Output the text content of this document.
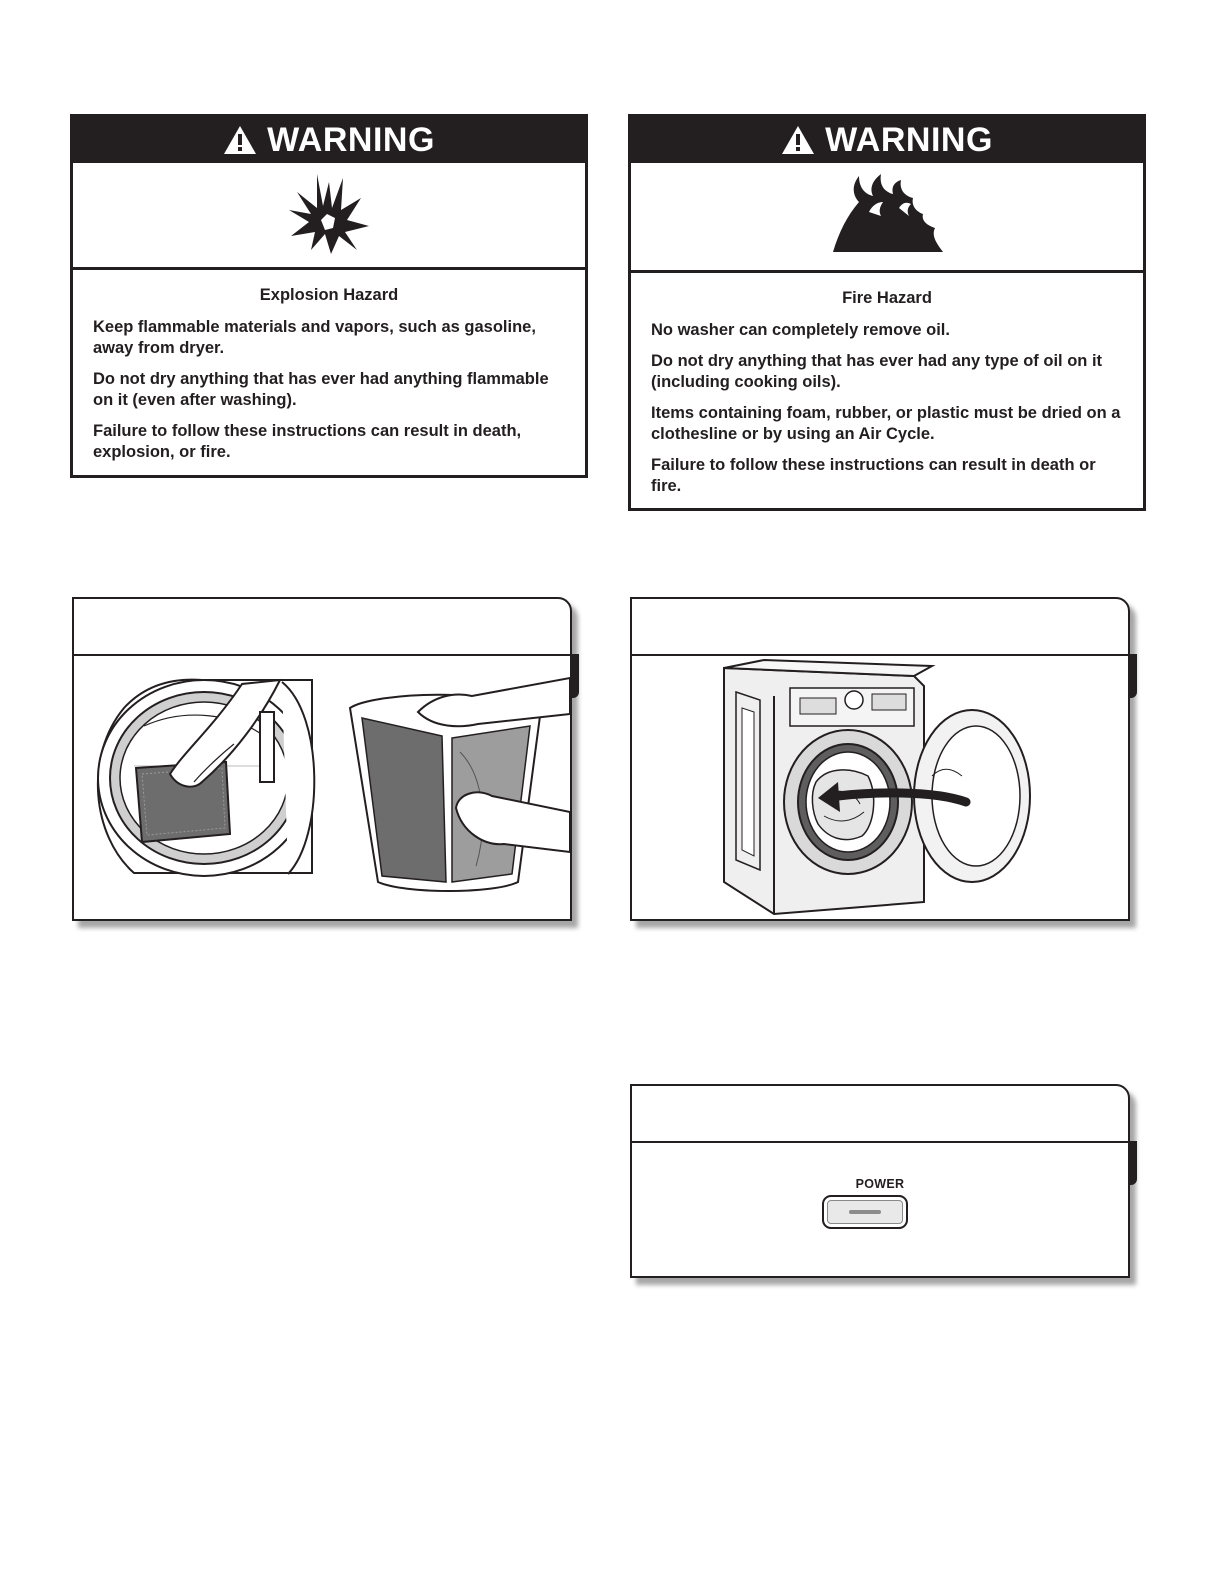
WARNING
Explosion Hazard

Keep flammable materials and vapors, such as gasoline, away from dryer.

Do not dry anything that has ever had anything flammable on it (even after washing).

Failure to follow these instructions can result in death, explosion, or fire.

WARNING
Fire Hazard

No washer can completely remove oil.

Do not dry anything that has ever had any type of oil on it (including cooking oils).

Items containing foam, rubber, or plastic must be dried on a clothesline or by using an Air Cycle.

Failure to follow these instructions can result in death or fire.

POWER
